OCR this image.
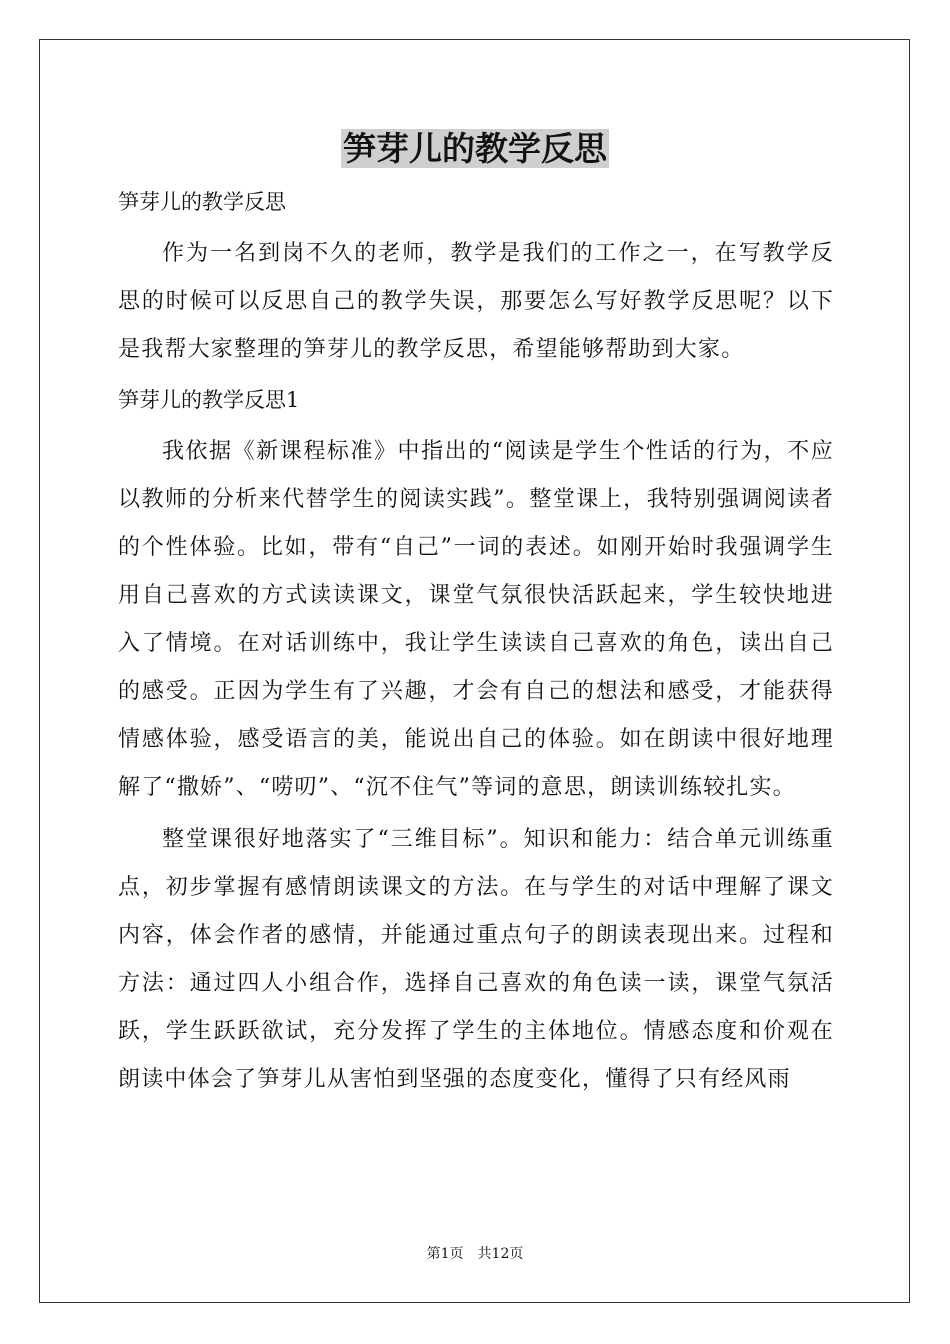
笋芽儿的教学反思

笋芽儿的教学反思

作为一名到岗不久的老师，教学是我们的工作之一，在写教学反思的时候可以反思自己的教学失误，那要怎么写好教学反思呢？以下是我帮大家整理的笋芽儿的教学反思，希望能够帮助到大家。

笋芽儿的教学反思1

我依据《新课程标准》中指出的“阅读是学生个性话的行为，不应以教师的分析来代替学生的阅读实践”。整堂课上，我特别强调阅读者的个性体验。比如，带有“自己”一词的表述。如刚开始时我强调学生用自己喜欢的方式读读课文，课堂气氛很快活跃起来，学生较快地进入了情境。在对话训练中，我让学生读读自己喜欢的角色，读出自己的感受。正因为学生有了兴趣，才会有自己的想法和感受，才能获得情感体验，感受语言的美，能说出自己的体验。如在朗读中很好地理解了“撒娇”、“唠叨”、“沉不住气”等词的意思，朗读训练较扎实。

整堂课很好地落实了“三维目标”。知识和能力：结合单元训练重点，初步掌握有感情朗读课文的方法。在与学生的对话中理解了课文内容，体会作者的感情，并能通过重点句子的朗读表现出来。过程和方法：通过四人小组合作，选择自己喜欢的角色读一读，课堂气氛活跃，学生跃跃欲试，充分发挥了学生的主体地位。情感态度和价观在朗读中体会了笋芽儿从害怕到坚强的态度变化，懂得了只有经风雨

第1页 共12页
